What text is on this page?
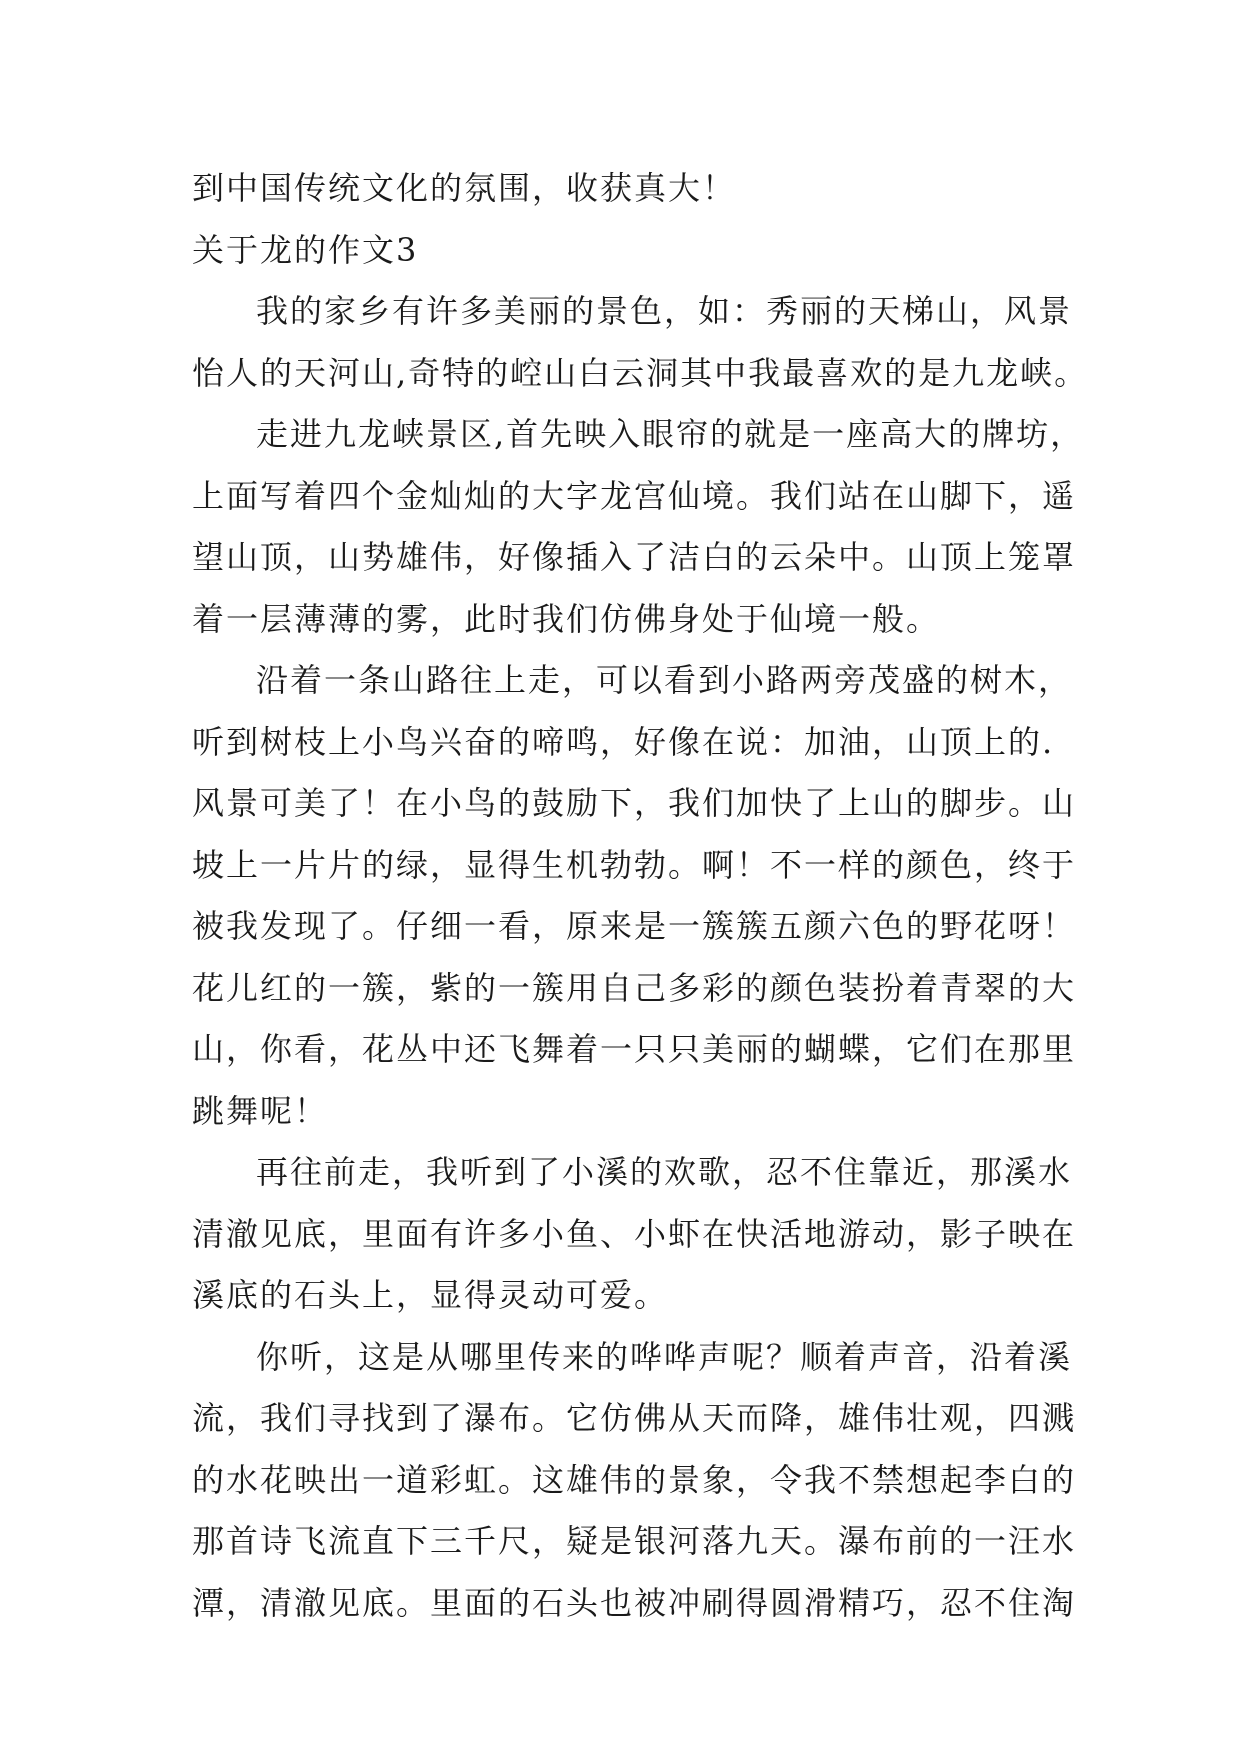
到中国传统文化的氛围，收获真大！
关于龙的作文3
我的家乡有许多美丽的景色，如：秀丽的天梯山，风景
怡人的天河山,奇特的崆山白云洞其中我最喜欢的是九龙峡。
走进九龙峡景区,首先映入眼帘的就是一座高大的牌坊，
上面写着四个金灿灿的大字龙宫仙境。我们站在山脚下，遥
望山顶，山势雄伟，好像插入了洁白的云朵中。山顶上笼罩
着一层薄薄的雾，此时我们仿佛身处于仙境一般。
沿着一条山路往上走，可以看到小路两旁茂盛的树木，
听到树枝上小鸟兴奋的啼鸣，好像在说：加油，山顶上的.
风景可美了！在小鸟的鼓励下，我们加快了上山的脚步。山
坡上一片片的绿，显得生机勃勃。啊！不一样的颜色，终于
被我发现了。仔细一看，原来是一簇簇五颜六色的野花呀！
花儿红的一簇，紫的一簇用自己多彩的颜色装扮着青翠的大
山，你看，花丛中还飞舞着一只只美丽的蝴蝶，它们在那里
跳舞呢！
再往前走，我听到了小溪的欢歌，忍不住靠近，那溪水
清澈见底，里面有许多小鱼、小虾在快活地游动，影子映在
溪底的石头上，显得灵动可爱。
你听，这是从哪里传来的哗哗声呢？顺着声音，沿着溪
流，我们寻找到了瀑布。它仿佛从天而降，雄伟壮观，四溅
的水花映出一道彩虹。这雄伟的景象，令我不禁想起李白的
那首诗飞流直下三千尺，疑是银河落九天。瀑布前的一汪水
潭，清澈见底。里面的石头也被冲刷得圆滑精巧，忍不住淘
